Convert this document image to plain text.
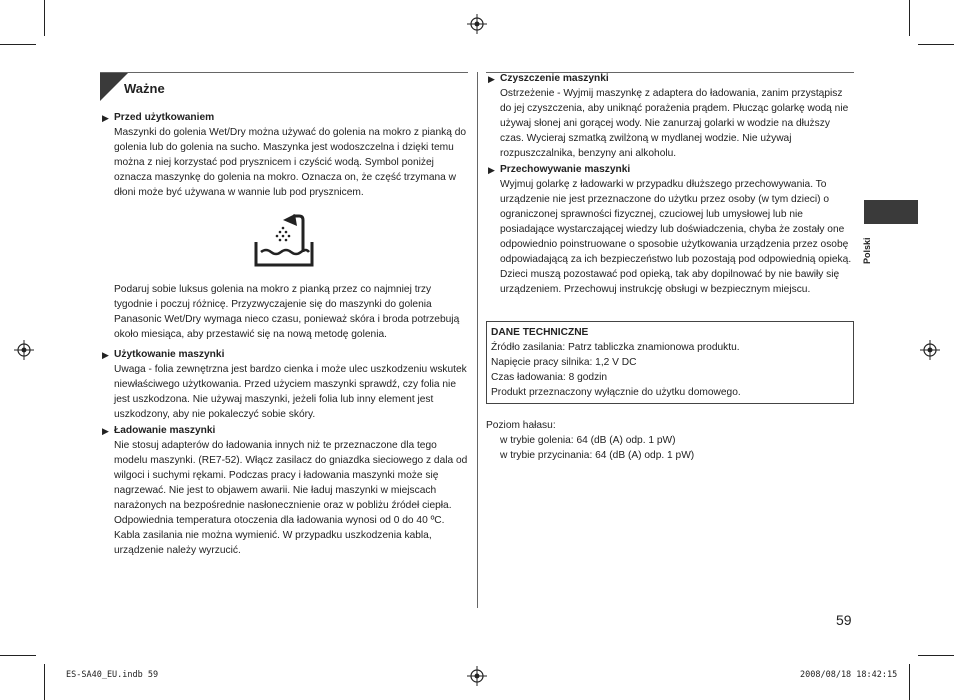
Ważne
▶ Przed użytkowaniem

Maszynki do golenia Wet/Dry można używać do golenia na mokro z pianką do golenia lub do golenia na sucho. Maszynka jest wodoszczelna i dzięki temu można z niej korzystać pod prysznicem i czyścić wodą. Symbol poniżej oznacza maszynkę do golenia na mokro. Oznacza on, że część trzymana w dłoni może być używana w wannie lub pod prysznicem.

Podaruj sobie luksus golenia na mokro z pianką przez co najmniej trzy tygodnie i poczuj różnicę. Przyzwyczajenie się do maszynki do golenia Panasonic Wet/Dry wymaga nieco czasu, ponieważ skóra i broda potrzebują około miesiąca, aby przestawić się na nową metodę golenia.

▶ Użytkowanie maszynki

Uwaga - folia zewnętrzna jest bardzo cienka i może ulec uszkodzeniu wskutek niewłaściwego użytkowania. Przed użyciem maszynki sprawdź, czy folia nie jest uszkodzona. Nie używaj maszynki, jeżeli folia lub inny element jest uszkodzony, aby nie pokaleczyć sobie skóry.

▶ Ładowanie maszynki

Nie stosuj adapterów do ładowania innych niż te przeznaczone dla tego modelu maszynki. (RE7-52). Włącz zasilacz do gniazdka sieciowego z dala od wilgoci i suchymi rękami. Podczas pracy i ładowania maszynki może się nagrzewać. Nie jest to objawem awarii. Nie ładuj maszynki w miejscach narażonych na bezpośrednie nasłonecznienie oraz w pobliżu źródeł ciepła.

Odpowiednia temperatura otoczenia dla ładowania wynosi od 0 do 40 ºC.

Kabla zasilania nie można wymienić. W przypadku uszkodzenia kabla, urządzenie należy wyrzucić.

▶ Czyszczenie maszynki

Ostrzeżenie - Wyjmij maszynkę z adaptera do ładowania, zanim przystąpisz do jej czyszczenia, aby uniknąć porażenia prądem. Płucząc golarkę wodą nie używaj słonej ani gorącej wody. Nie zanurzaj golarki w wodzie na dłuższy czas. Wycieraj szmatką zwilżoną w mydlanej wodzie. Nie używaj rozpuszczalnika, benzyny ani alkoholu.

▶ Przechowywanie maszynki

Wyjmuj golarkę z ładowarki w przypadku dłuższego przechowywania. To urządzenie nie jest przeznaczone do użytku przez osoby (w tym dzieci) o ograniczonej sprawności fizycznej, czuciowej lub umysłowej lub nie posiadające wystarczającej wiedzy lub doświadczenia, chyba że zostały one odpowiednio poinstruowane o sposobie użytkowania urządzenia przez osobę odpowiadającą za ich bezpieczeństwo lub pozostają pod odpowiednią opieką. Dzieci muszą pozostawać pod opieką, tak aby dopilnować by nie bawiły się urządzeniem. Przechowuj instrukcję obsługi w bezpiecznym miejscu.

DANE TECHNICZNE
Źródło zasilania: Patrz tabliczka znamionowa produktu.
Napięcie pracy silnika: 1,2 V DC
Czas ładowania: 8 godzin
Produkt przeznaczony wyłącznie do użytku domowego.
Poziom hałasu:
w trybie golenia: 64 (dB (A) odp. 1 pW)
w trybie przycinania: 64 (dB (A) odp. 1 pW)
Polski
59
ES-SA40_EU.indb 59	2008/08/18 18:42:15
